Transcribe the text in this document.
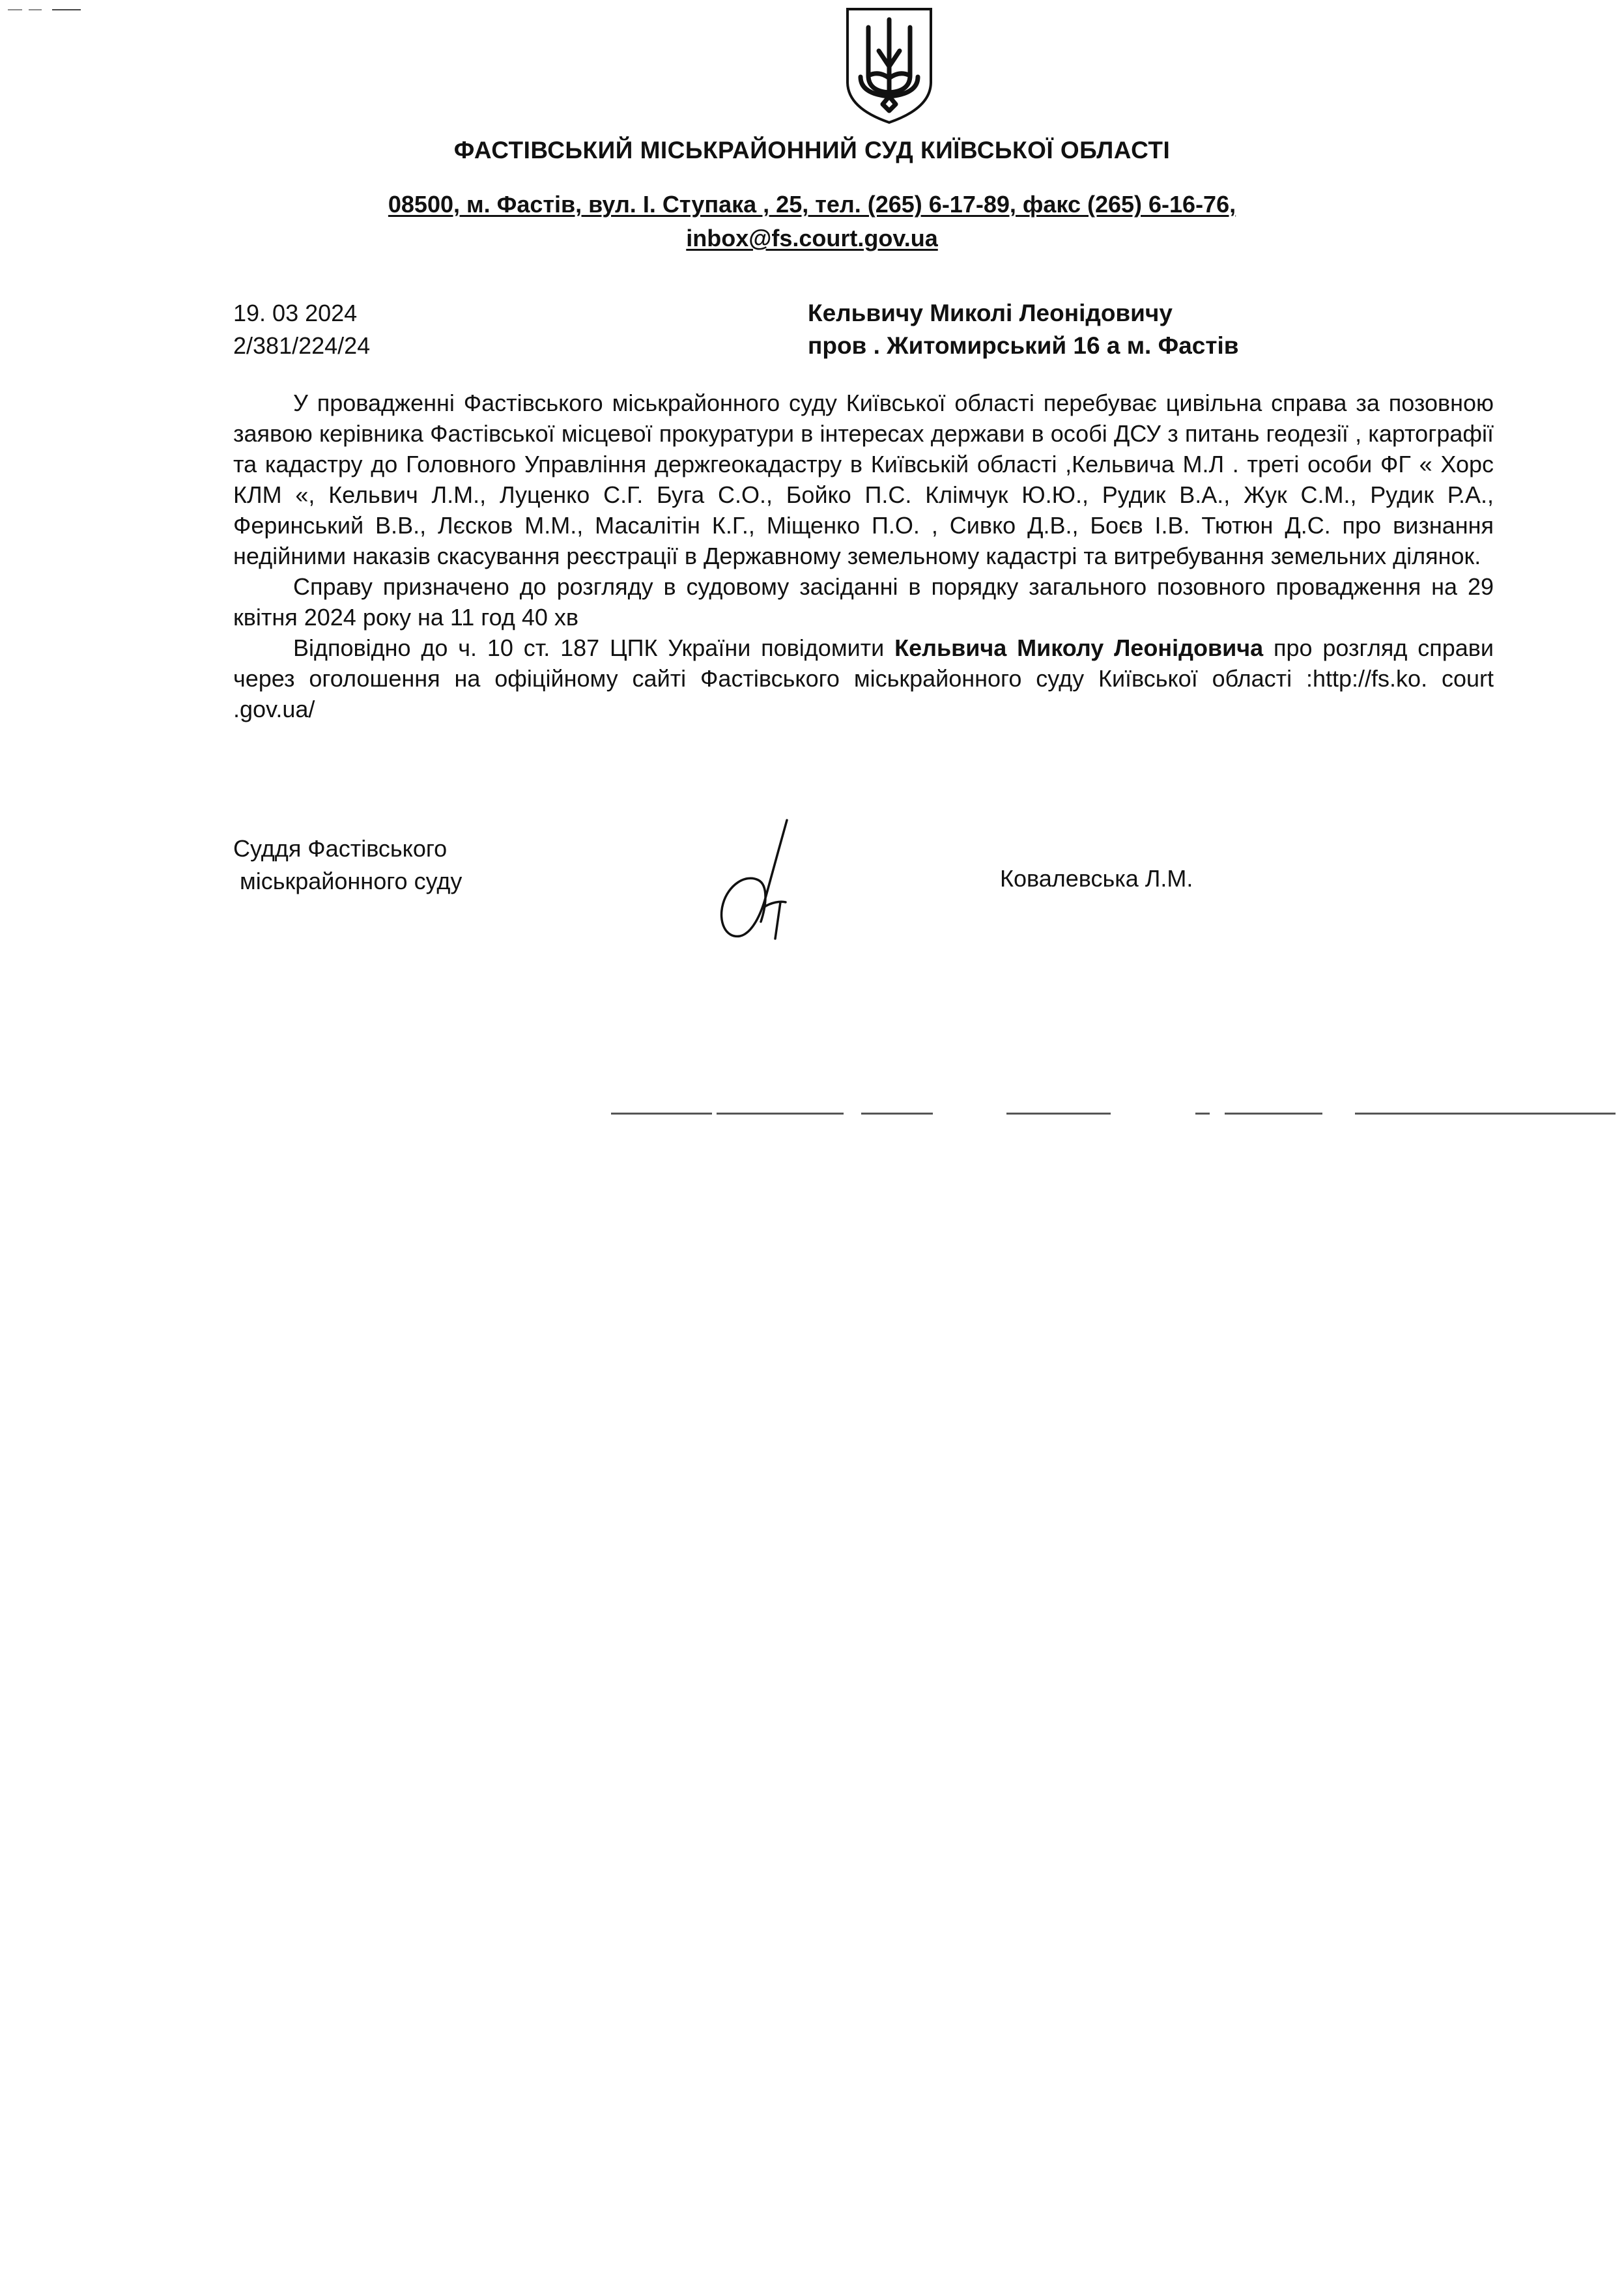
ФАСТІВСЬКИЙ МІСЬКРАЙОННИЙ СУД КИЇВСЬКОЇ ОБЛАСТІ
08500, м. Фастів, вул. І. Ступака , 25, тел. (265) 6-17-89, факс (265) 6-16-76,
inbox@fs.court.gov.ua
19. 03 2024
2/381/224/24
Кельвичу Миколі Леонідовичу
пров . Житомирський 16 а м. Фастів

У провадженні Фастівського міськрайонного суду Київської області перебуває цивільна справа за позовною заявою керівника Фастівської місцевої прокуратури в інтересах держави в особі ДСУ з питань геодезії , картографії та кадастру до Головного Управління держгеокадастру в Київській області ,Кельвича М.Л . треті особи ФГ « Хорс КЛМ «, Кельвич Л.М., Луценко С.Г. Буга С.О., Бойко П.С. Клімчук Ю.Ю., Рудик В.А., Жук С.М., Рудик Р.А., Феринський В.В., Лєсков М.М., Масалітін К.Г., Міщенко П.О. , Сивко Д.В., Боєв І.В. Тютюн Д.С. про визнання недійними наказів скасування реєстрації в Державному земельному кадастрі та витребування земельних ділянок.

Справу призначено до розгляду в судовому засіданні в порядку загального позовного провадження на 29 квітня 2024 року на 11 год 40 хв

Відповідно до ч. 10 ст. 187 ЦПК України повідомити Кельвича Миколу Леонідовича про розгляд справи через оголошення на офіційному сайті Фастівського міськрайонного суду Київської області :http://fs.ko. court .gov.ua/

Суддя Фастівського
міськрайонного суду	Ковалевська Л.М.
